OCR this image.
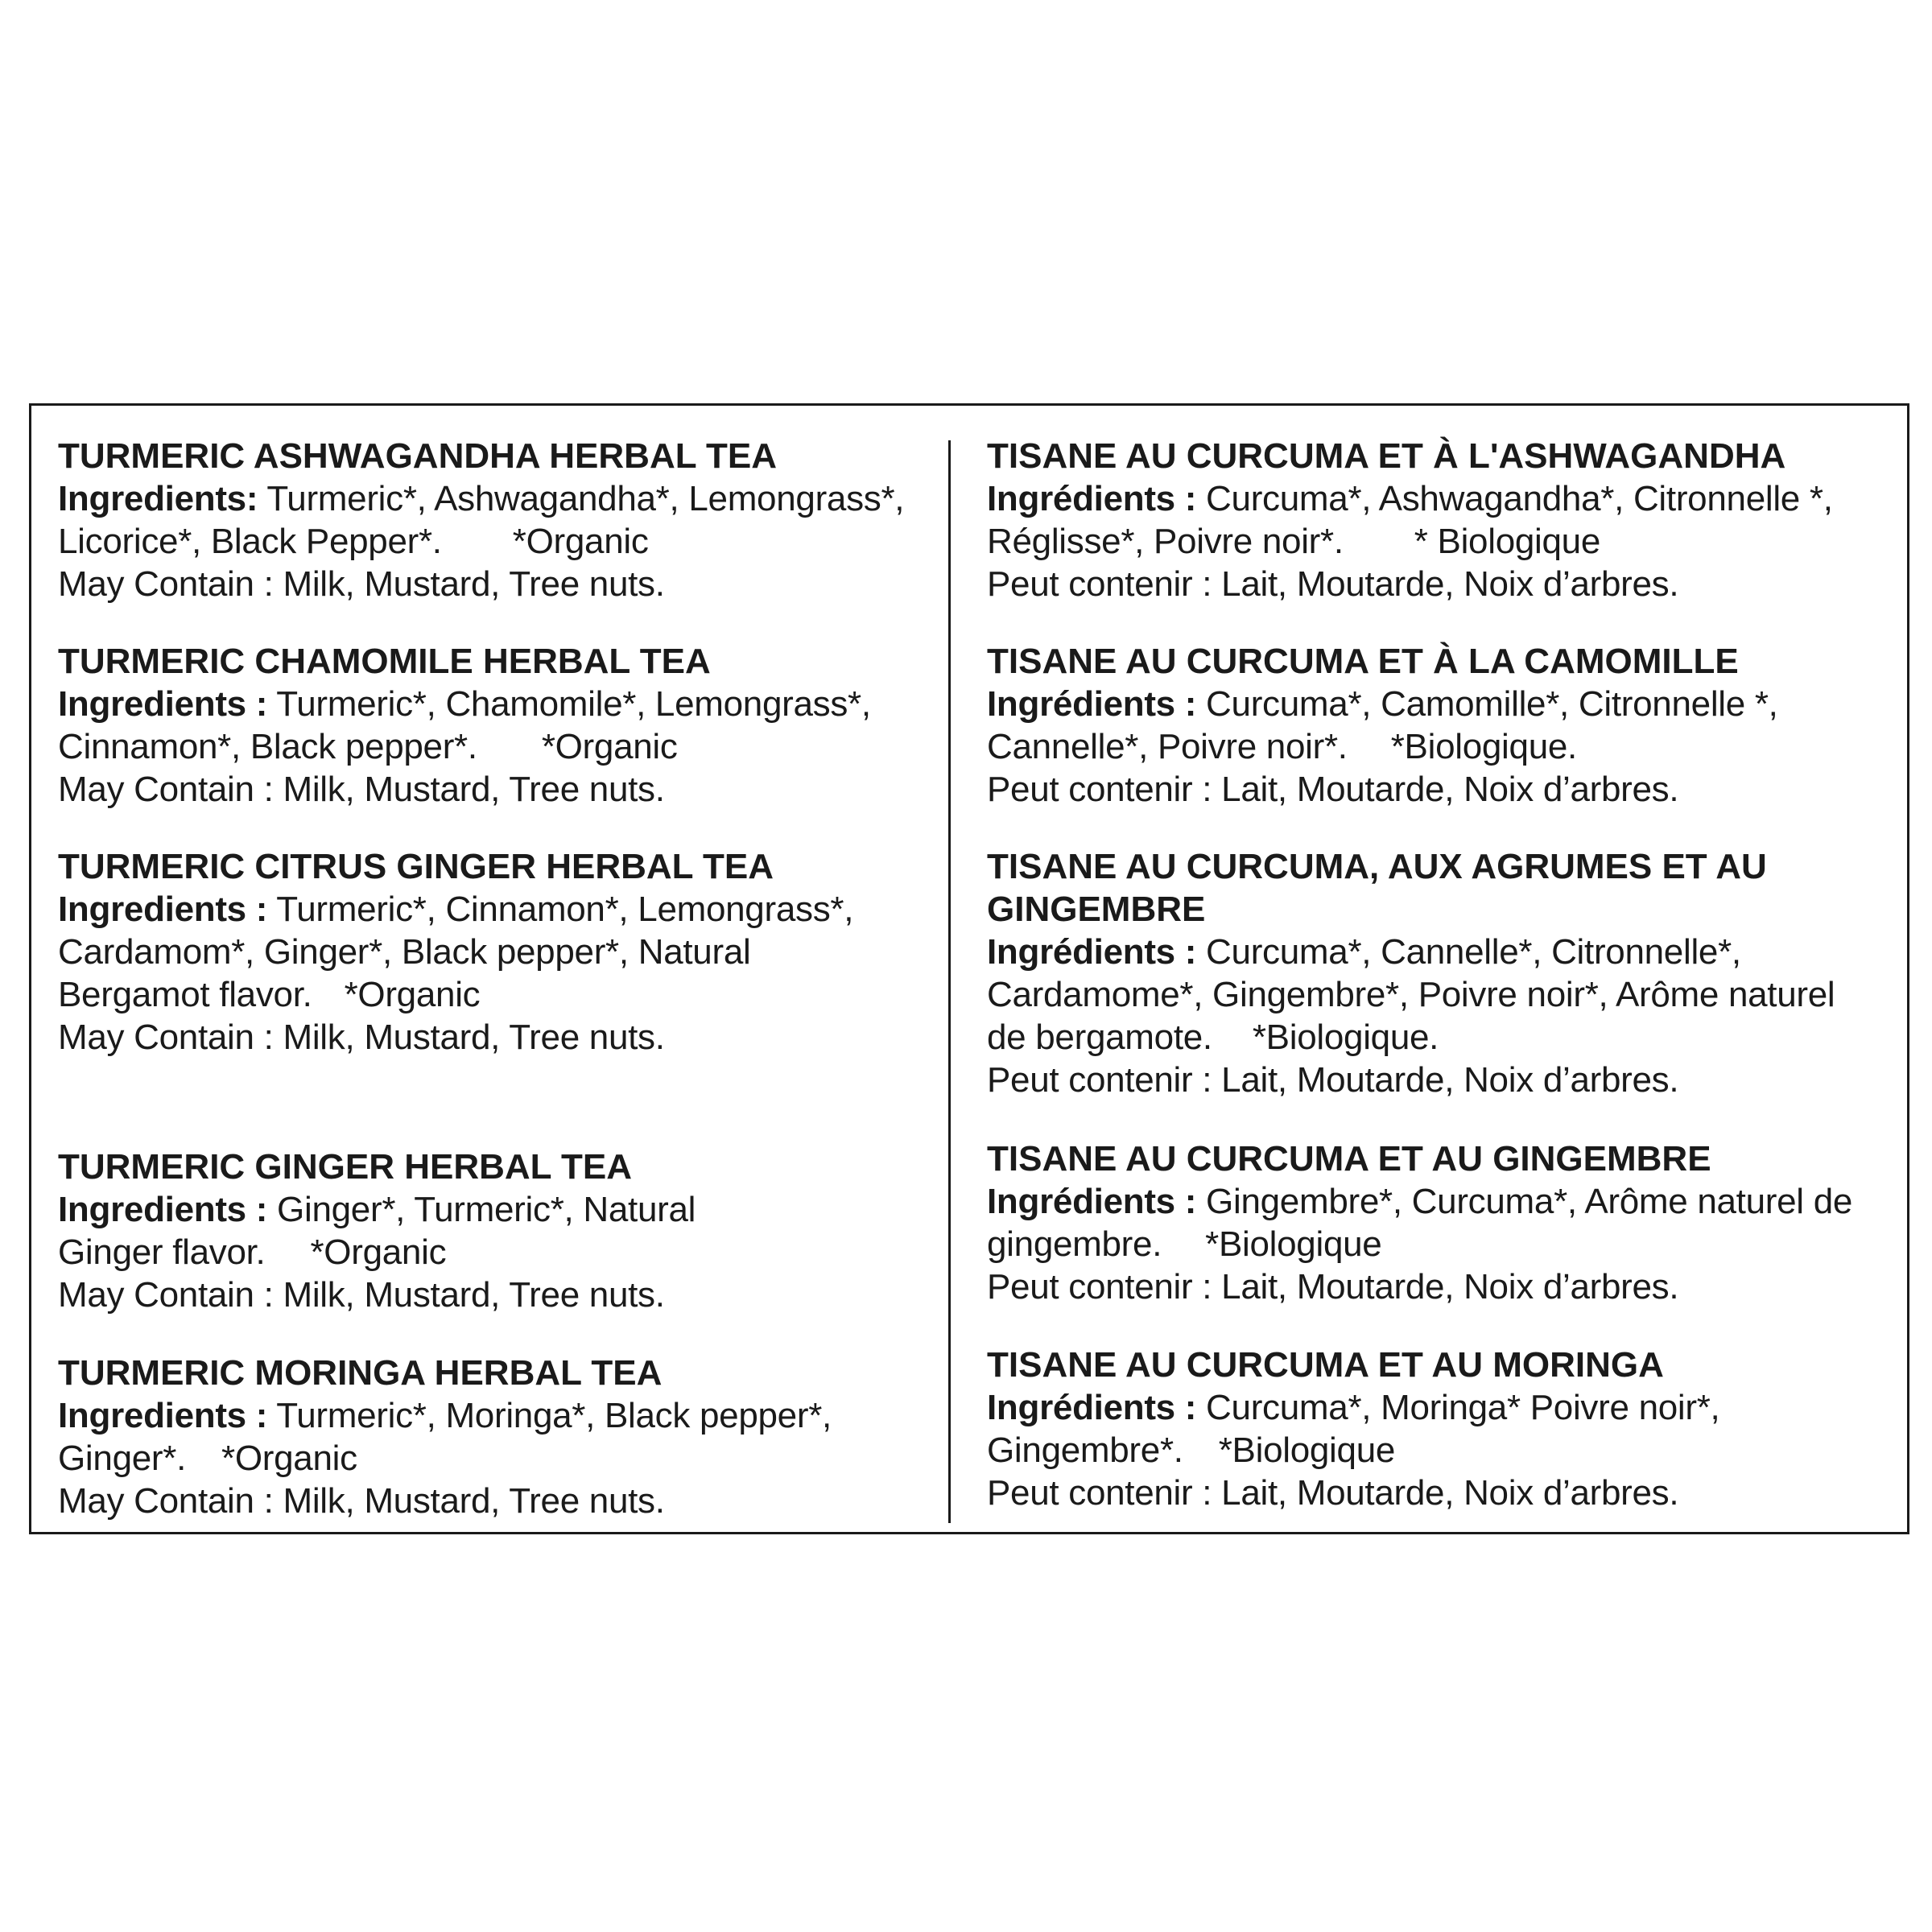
TURMERIC ASHWAGANDHA HERBAL TEA
Ingredients: Turmeric*, Ashwagandha*, Lemongrass*,
Licorice*, Black Pepper*. *Organic
May Contain : Milk, Mustard, Tree nuts.
TURMERIC CHAMOMILE HERBAL TEA
Ingredients : Turmeric*, Chamomile*, Lemongrass*,
Cinnamon*, Black pepper*. *Organic
May Contain : Milk, Mustard, Tree nuts.
TURMERIC CITRUS GINGER HERBAL TEA
Ingredients : Turmeric*, Cinnamon*, Lemongrass*,
Cardamom*, Ginger*, Black pepper*, Natural
Bergamot flavor. *Organic
May Contain : Milk, Mustard, Tree nuts.
TURMERIC GINGER HERBAL TEA
Ingredients : Ginger*, Turmeric*, Natural
Ginger flavor. *Organic
May Contain : Milk, Mustard, Tree nuts.
TURMERIC MORINGA HERBAL TEA
Ingredients : Turmeric*, Moringa*, Black pepper*,
Ginger*. *Organic
May Contain : Milk, Mustard, Tree nuts.
TISANE AU CURCUMA ET À L'ASHWAGANDHA
Ingrédients : Curcuma*, Ashwagandha*, Citronnelle *,
Réglisse*, Poivre noir*. * Biologique
Peut contenir : Lait, Moutarde, Noix d’arbres.
TISANE AU CURCUMA ET À LA CAMOMILLE
Ingrédients : Curcuma*, Camomille*, Citronnelle *,
Cannelle*, Poivre noir*. *Biologique.
Peut contenir : Lait, Moutarde, Noix d’arbres.
TISANE AU CURCUMA, AUX AGRUMES ET AU
GINGEMBRE
Ingrédients : Curcuma*, Cannelle*, Citronnelle*,
Cardamome*, Gingembre*, Poivre noir*, Arôme naturel
de bergamote. *Biologique.
Peut contenir : Lait, Moutarde, Noix d’arbres.
TISANE AU CURCUMA ET AU GINGEMBRE
Ingrédients : Gingembre*, Curcuma*, Arôme naturel de
gingembre. *Biologique
Peut contenir : Lait, Moutarde, Noix d’arbres.
TISANE AU CURCUMA ET AU MORINGA
Ingrédients : Curcuma*, Moringa* Poivre noir*,
Gingembre*. *Biologique
Peut contenir : Lait, Moutarde, Noix d’arbres.
